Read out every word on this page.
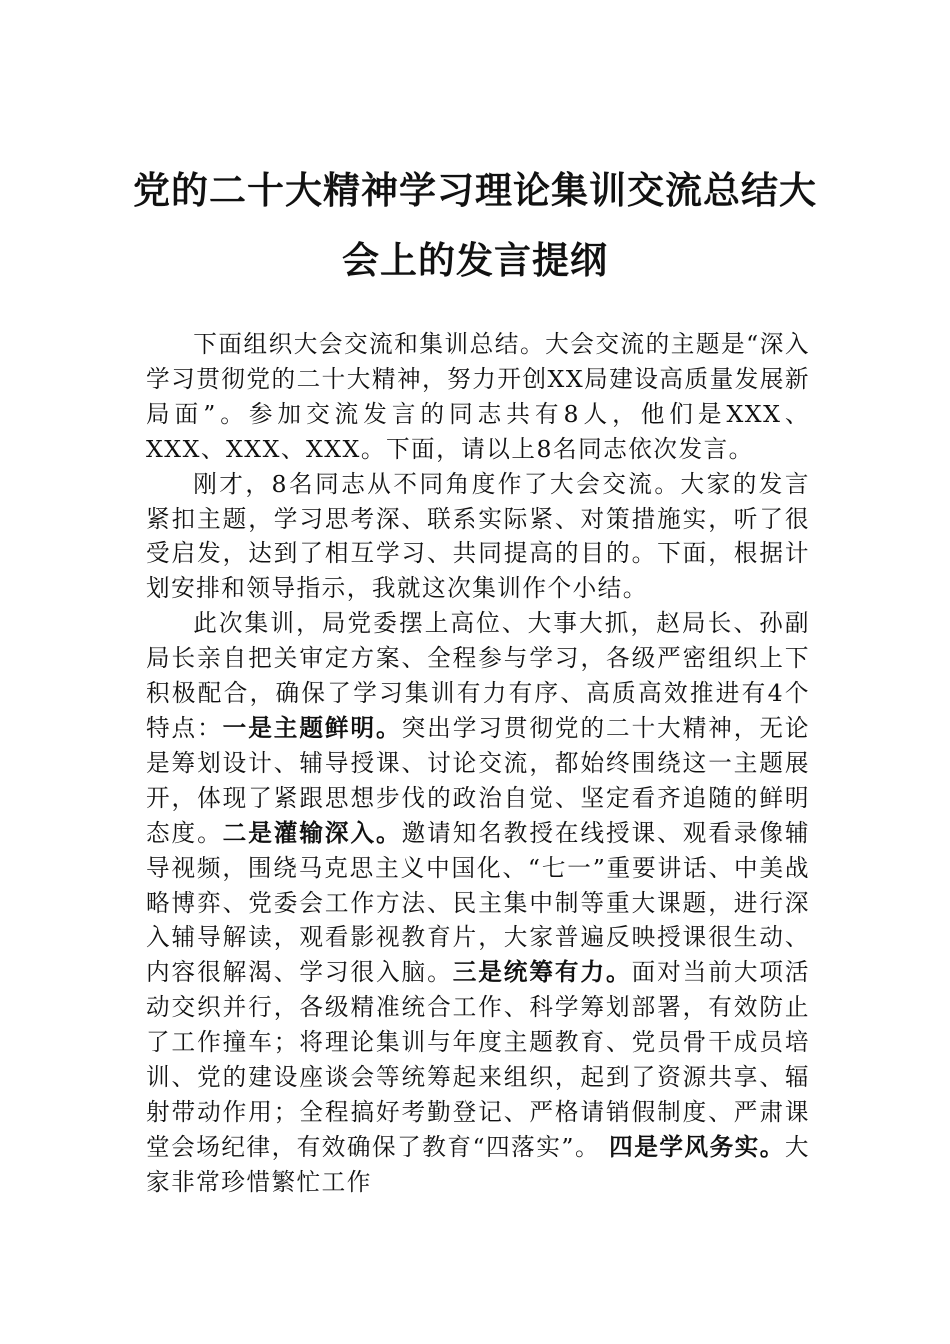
党的二十大精神学习理论集训交流总结大
会上的发言提纲

下面组织大会交流和集训总结。大会交流的主题是“深入学习贯彻党的二十大精神，努力开创XX局建设高质量发展新局面”。参加交流发言的同志共有8人，他们是XXX、XXX、XXX、XXX。下面，请以上8名同志依次发言。

刚才，8名同志从不同角度作了大会交流。大家的发言紧扣主题，学习思考深、联系实际紧、对策措施实，听了很受启发，达到了相互学习、共同提高的目的。下面，根据计划安排和领导指示，我就这次集训作个小结。

此次集训，局党委摆上高位、大事大抓，赵局长、孙副局长亲自把关审定方案、全程参与学习，各级严密组织上下积极配合，确保了学习集训有力有序、高质高效推进有4个特点：一是主题鲜明。突出学习贯彻党的二十大精神，无论是筹划设计、辅导授课、讨论交流，都始终围绕这一主题展开，体现了紧跟思想步伐的政治自觉、坚定看齐追随的鲜明态度。二是灌输深入。邀请知名教授在线授课、观看录像辅导视频，围绕马克思主义中国化、“七一”重要讲话、中美战略博弈、党委会工作方法、民主集中制等重大课题，进行深入辅导解读，观看影视教育片，大家普遍反映授课很生动、内容很解渴、学习很入脑。三是统筹有力。面对当前大项活动交织并行，各级精准统合工作、科学筹划部署，有效防止了工作撞车；将理论集训与年度主题教育、党员骨干成员培训、党的建设座谈会等统筹起来组织，起到了资源共享、辐射带动作用；全程搞好考勤登记、严格请销假制度、严肃课堂会场纪律，有效确保了教育“四落实”。 四是学风务实。大家非常珍惜繁忙工作
